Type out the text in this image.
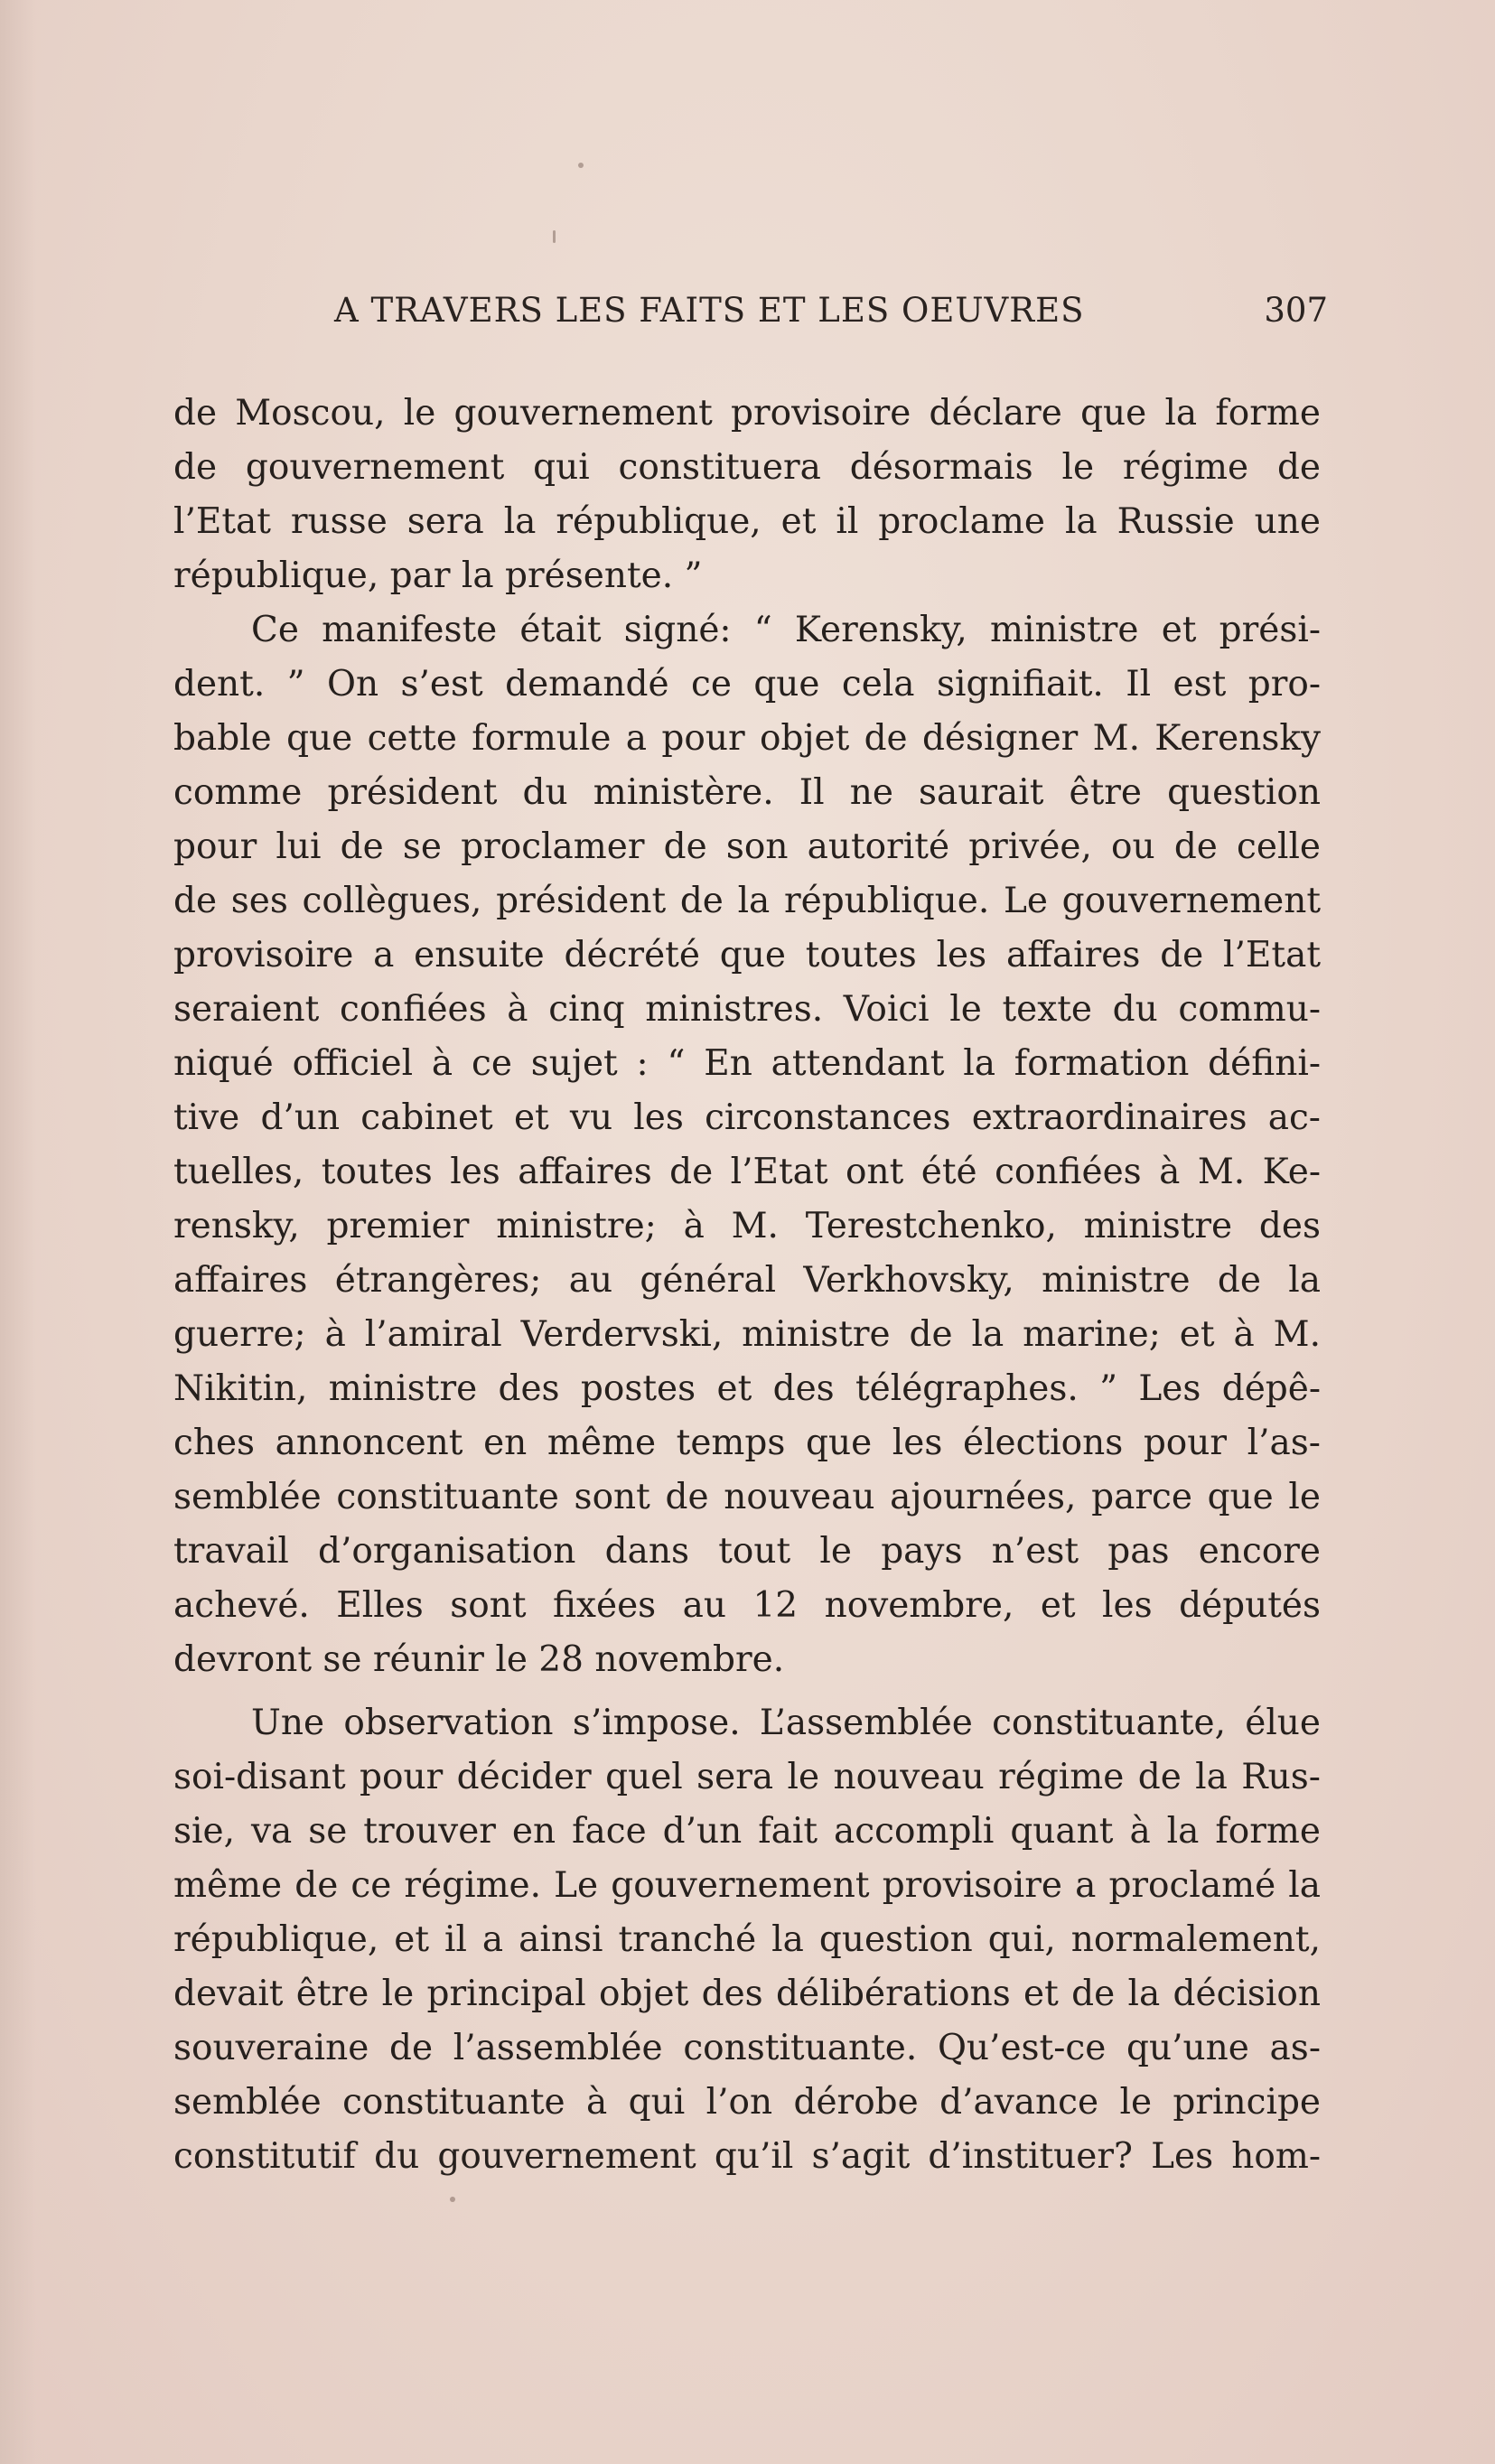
A TRAVERS LES FAITS ET LES OEUVRES	307
de Moscou, le gouvernement provisoire déclare que la forme
de gouvernement qui constituera désormais le régime de
l’Etat russe sera la république, et il proclame la Russie une
république, par la présente. ”
Ce manifeste était signé: “ Kerensky, ministre et prési-
dent. ” On s’est demandé ce que cela signifiait. Il est pro-
bable que cette formule a pour objet de désigner M. Kerensky
comme président du ministère. Il ne saurait être question
pour lui de se proclamer de son autorité privée, ou de celle
de ses collègues, président de la république. Le gouvernement
provisoire a ensuite décrété que toutes les affaires de l’Etat
seraient confiées à cinq ministres. Voici le texte du commu-
niqué officiel à ce sujet : “ En attendant la formation défini-
tive d’un cabinet et vu les circonstances extraordinaires ac-
tuelles, toutes les affaires de l’Etat ont été confiées à M. Ke-
rensky, premier ministre; à M. Terestchenko, ministre des
affaires étrangères; au général Verkhovsky, ministre de la
guerre; à l’amiral Verdervski, ministre de la marine; et à M.
Nikitin, ministre des postes et des télégraphes. ” Les dépê-
ches annoncent en même temps que les élections pour l’as-
semblée constituante sont de nouveau ajournées, parce que le
travail d’organisation dans tout le pays n’est pas encore
achevé. Elles sont fixées au 12 novembre, et les députés
devront se réunir le 28 novembre.
Une observation s’impose. L’assemblée constituante, élue
soi-disant pour décider quel sera le nouveau régime de la Rus-
sie, va se trouver en face d’un fait accompli quant à la forme
même de ce régime. Le gouvernement provisoire a proclamé la
république, et il a ainsi tranché la question qui, normalement,
devait être le principal objet des délibérations et de la décision
souveraine de l’assemblée constituante. Qu’est-ce qu’une as-
semblée constituante à qui l’on dérobe d’avance le principe
constitutif du gouvernement qu’il s’agit d’instituer? Les hom-
